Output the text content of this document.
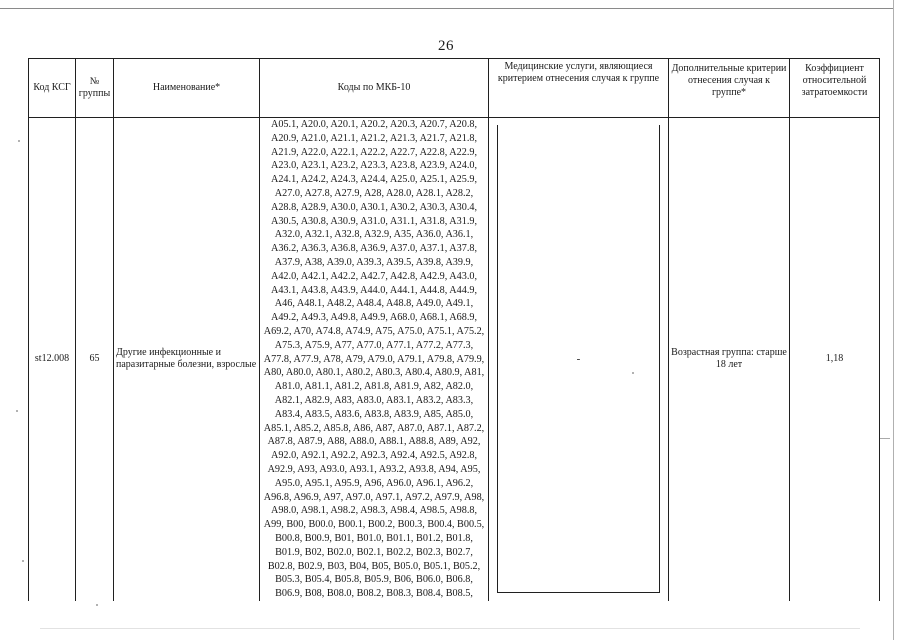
26
Код КСГ	№ группы	Наименование*	Коды по МКБ-10	Медицинские услуги, являющиеся критерием отнесения случая к группе	Дополнительные критерии отнесения случая к группе*	Коэффициент относительной затратоемкости
st12.008	65	Другие инфекционные и паразитарные болезни, взрослые	A05.1, A20.0, A20.1, A20.2, A20.3, A20.7, A20.8, A20.9, A21.0, A21.1, A21.2, A21.3, A21.7, A21.8, A21.9, A22.0, A22.1, A22.2, A22.7, A22.8, A22.9, A23.0, A23.1, A23.2, A23.3, A23.8, A23.9, A24.0, A24.1, A24.2, A24.3, A24.4, A25.0, A25.1, A25.9, A27.0, A27.8, A27.9, A28, A28.0, A28.1, A28.2, A28.8, A28.9, A30.0, A30.1, A30.2, A30.3, A30.4, A30.5, A30.8, A30.9, A31.0, A31.1, A31.8, A31.9, A32.0, A32.1, A32.8, A32.9, A35, A36.0, A36.1, A36.2, A36.3, A36.8, A36.9, A37.0, A37.1, A37.8, A37.9, A38, A39.0, A39.3, A39.5, A39.8, A39.9, A42.0, A42.1, A42.2, A42.7, A42.8, A42.9, A43.0, A43.1, A43.8, A43.9, A44.0, A44.1, A44.8, A44.9, A46, A48.1, A48.2, A48.4, A48.8, A49.0, A49.1, A49.2, A49.3, A49.8, A49.9, A68.0, A68.1, A68.9, A69.2, A70, A74.8, A74.9, A75, A75.0, A75.1, A75.2, A75.3, A75.9, A77, A77.0, A77.1, A77.2, A77.3, A77.8, A77.9, A78, A79, A79.0, A79.1, A79.8, A79.9, A80, A80.0, A80.1, A80.2, A80.3, A80.4, A80.9, A81, A81.0, A81.1, A81.2, A81.8, A81.9, A82, A82.0, A82.1, A82.9, A83, A83.0, A83.1, A83.2, A83.3, A83.4, A83.5, A83.6, A83.8, A83.9, A85, A85.0, A85.1, A85.2, A85.8, A86, A87, A87.0, A87.1, A87.2, A87.8, A87.9, A88, A88.0, A88.1, A88.8, A89, A92, A92.0, A92.1, A92.2, A92.3, A92.4, A92.5, A92.8, A92.9, A93, A93.0, A93.1, A93.2, A93.8, A94, A95, A95.0, A95.1, A95.9, A96, A96.0, A96.1, A96.2, A96.8, A96.9, A97, A97.0, A97.1, A97.2, A97.9, A98, A98.0, A98.1, A98.2, A98.3, A98.4, A98.5, A98.8, A99, B00, B00.0, B00.1, B00.2, B00.3, B00.4, B00.5, B00.8, B00.9, B01, B01.0, B01.1, B01.2, B01.8, B01.9, B02, B02.0, B02.1, B02.2, B02.3, B02.7, B02.8, B02.9, B03, B04, B05, B05.0, B05.1, B05.2, B05.3, B05.4, B05.8, B05.9, B06, B06.0, B06.8, B06.9, B08, B08.0, B08.2, B08.3, B08.4, B08.5,	-	Возрастная группа: старше 18 лет	1,18
